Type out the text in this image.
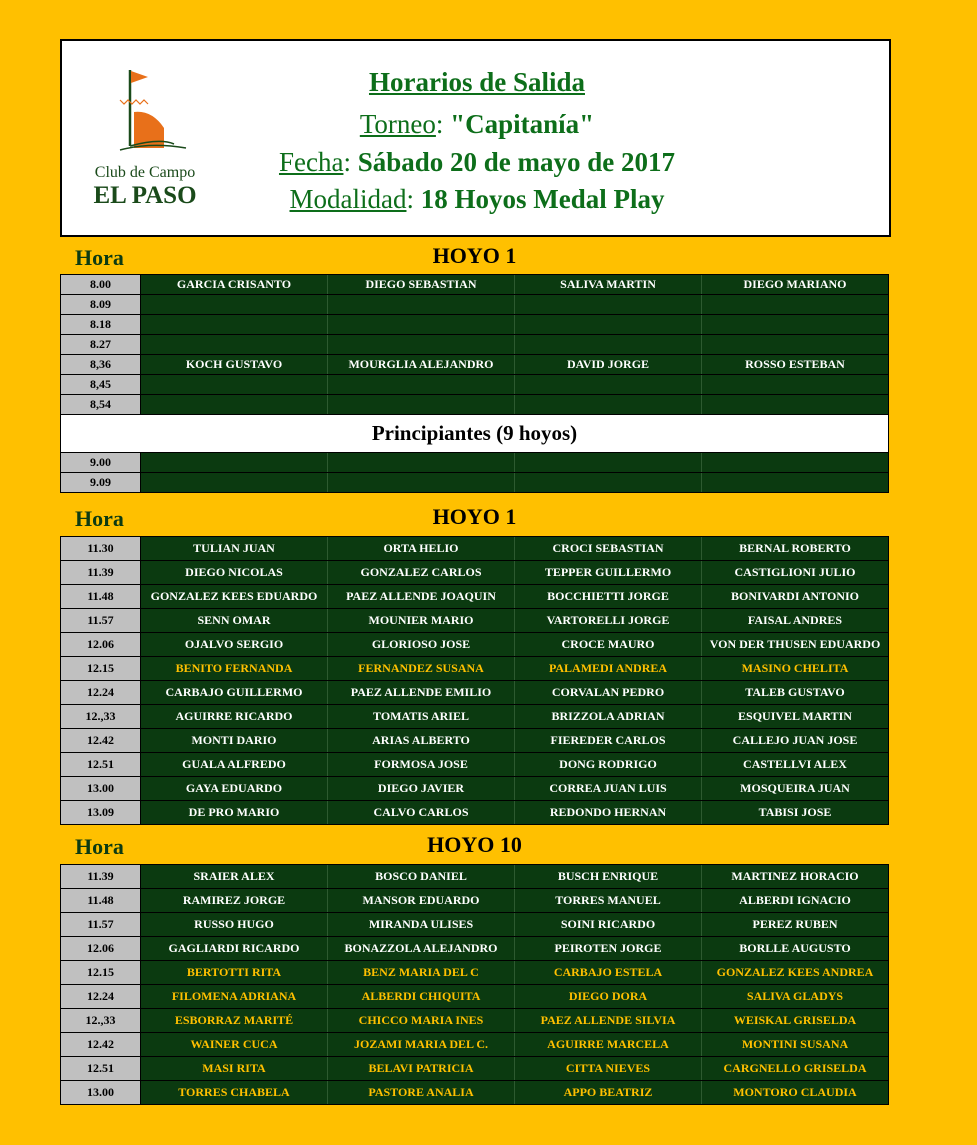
Club de Campo
EL PASO
Horarios de Salida
Torneo: "Capitanía"
Fecha: Sábado 20 de mayo de 2017
Modalidad: 18 Hoyos Medal Play
Hora	HOYO 1
8.00	GARCIA CRISANTO	DIEGO SEBASTIAN	SALIVA MARTIN	DIEGO MARIANO
8.09
8.18
8.27
8,36	KOCH GUSTAVO	MOURGLIA ALEJANDRO	DAVID JORGE	ROSSO ESTEBAN
8,45
8,54
Principiantes (9 hoyos)
9.00
9.09
Hora	HOYO 1
11.30	TULIAN JUAN	ORTA HELIO	CROCI SEBASTIAN	BERNAL ROBERTO
11.39	DIEGO NICOLAS	GONZALEZ CARLOS	TEPPER GUILLERMO	CASTIGLIONI JULIO
11.48	GONZALEZ KEES EDUARDO	PAEZ ALLENDE JOAQUIN	BOCCHIETTI JORGE	BONIVARDI ANTONIO
11.57	SENN OMAR	MOUNIER MARIO	VARTORELLI JORGE	FAISAL ANDRES
12.06	OJALVO SERGIO	GLORIOSO JOSE	CROCE MAURO	VON DER THUSEN EDUARDO
12.15	BENITO FERNANDA	FERNANDEZ SUSANA	PALAMEDI ANDREA	MASINO CHELITA
12.24	CARBAJO GUILLERMO	PAEZ ALLENDE EMILIO	CORVALAN PEDRO	TALEB GUSTAVO
12.,33	AGUIRRE RICARDO	TOMATIS ARIEL	BRIZZOLA ADRIAN	ESQUIVEL MARTIN
12.42	MONTI DARIO	ARIAS ALBERTO	FIEREDER CARLOS	CALLEJO JUAN JOSE
12.51	GUALA ALFREDO	FORMOSA JOSE	DONG RODRIGO	CASTELLVI ALEX
13.00	GAYA EDUARDO	DIEGO JAVIER	CORREA JUAN LUIS	MOSQUEIRA JUAN
13.09	DE PRO MARIO	CALVO CARLOS	REDONDO HERNAN	TABISI JOSE
Hora	HOYO 10
11.39	SRAIER ALEX	BOSCO DANIEL	BUSCH ENRIQUE	MARTINEZ HORACIO
11.48	RAMIREZ JORGE	MANSOR EDUARDO	TORRES MANUEL	ALBERDI IGNACIO
11.57	RUSSO HUGO	MIRANDA ULISES	SOINI RICARDO	PEREZ RUBEN
12.06	GAGLIARDI RICARDO	BONAZZOLA ALEJANDRO	PEIROTEN JORGE	BORLLE AUGUSTO
12.15	BERTOTTI RITA	BENZ MARIA DEL C	CARBAJO ESTELA	GONZALEZ KEES ANDREA
12.24	FILOMENA ADRIANA	ALBERDI CHIQUITA	DIEGO DORA	SALIVA GLADYS
12.,33	ESBORRAZ MARITÉ	CHICCO MARIA INES	PAEZ ALLENDE SILVIA	WEISKAL GRISELDA
12.42	WAINER CUCA	JOZAMI MARIA DEL C.	AGUIRRE MARCELA	MONTINI SUSANA
12.51	MASI RITA	BELAVI PATRICIA	CITTA NIEVES	CARGNELLO GRISELDA
13.00	TORRES CHABELA	PASTORE ANALIA	APPO BEATRIZ	MONTORO CLAUDIA
